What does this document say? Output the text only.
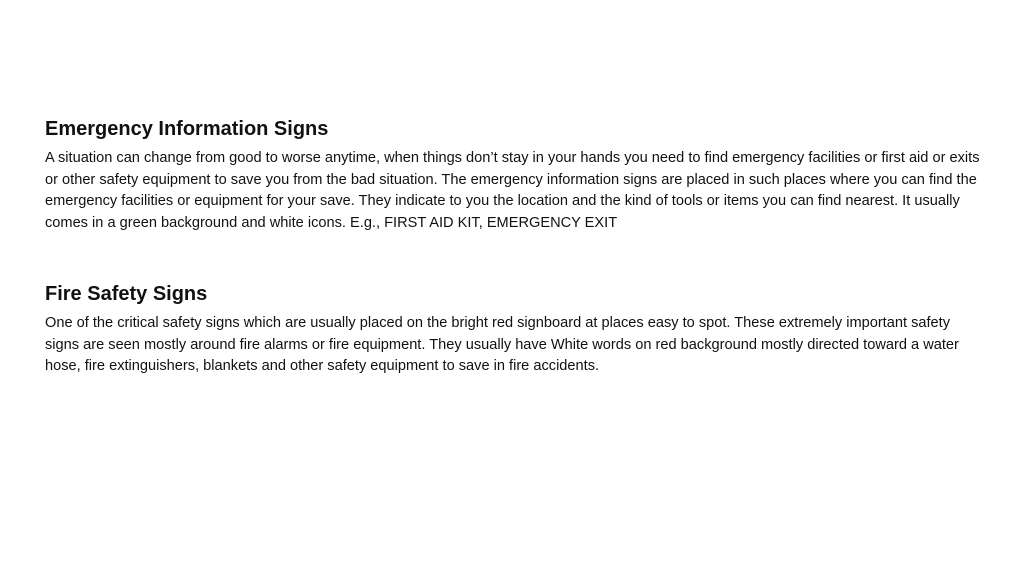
Emergency Information Signs

A situation can change from good to worse anytime, when things don’t stay in your hands you need to find emergency facilities or first aid or exits or other safety equipment to save you from the bad situation. The emergency information signs are placed in such places where you can find the emergency facilities or equipment for your save. They indicate to you the location and the kind of tools or items you can find nearest. It usually comes in a green background and white icons. E.g., FIRST AID KIT, EMERGENCY EXIT

Fire Safety Signs

One of the critical safety signs which are usually placed on the bright red signboard at places easy to spot. These extremely important safety signs are seen mostly around fire alarms or fire equipment. They usually have White words on red background mostly directed toward a water hose, fire extinguishers, blankets and other safety equipment to save in fire accidents.
